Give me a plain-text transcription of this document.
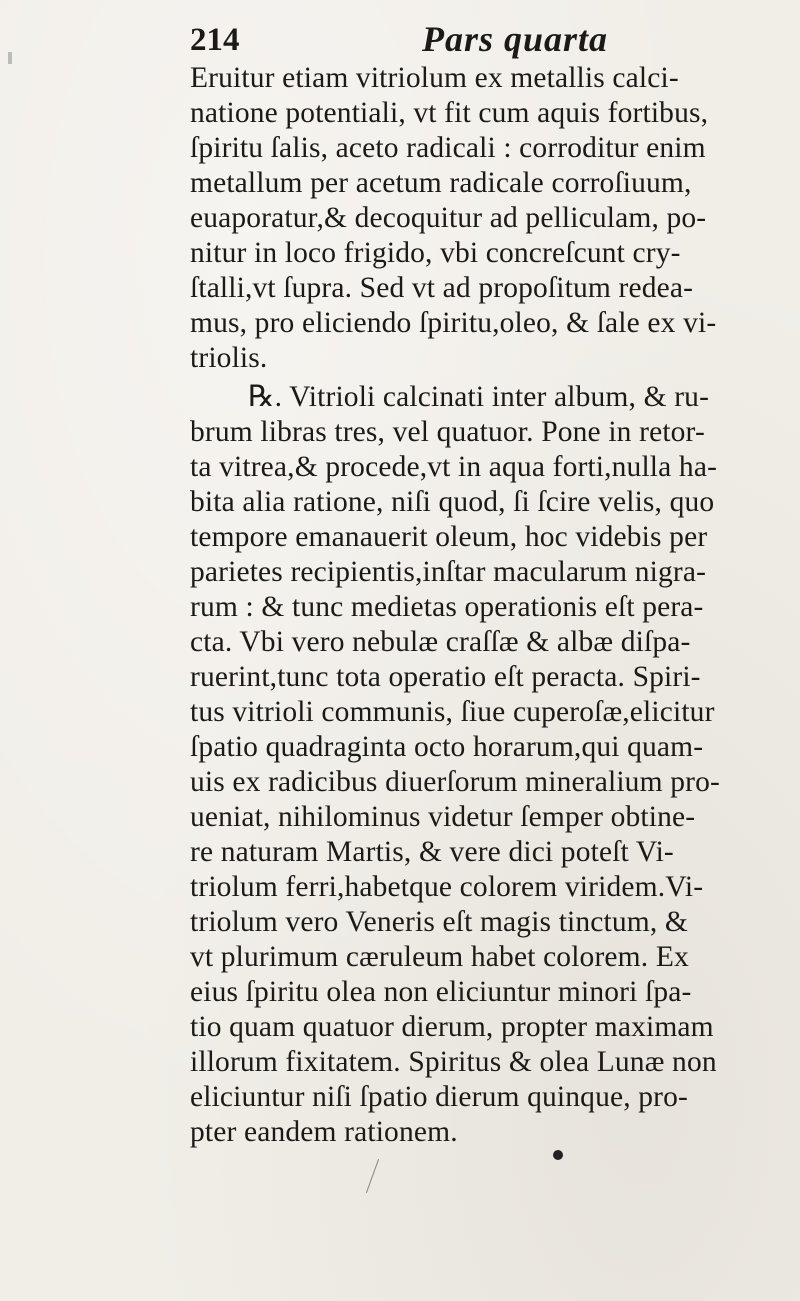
214	Pars quarta
Eruitur etiam vitriolum ex metallis calci-
natione potentiali, vt fit cum aquis fortibus,
ſpiritu ſalis, aceto radicali : corroditur enim
metallum per acetum radicale corroſiuum,
euaporatur,& decoquitur ad pelliculam, po-
nitur in loco frigido, vbi concreſcunt cry-
ſtalli,vt ſupra. Sed vt ad propoſitum redea-
mus, pro eliciendo ſpiritu,oleo, & ſale ex vi-
triolis.
℞. Vitrioli calcinati inter album, & ru-
brum libras tres, vel quatuor. Pone in retor-
ta vitrea,& procede,vt in aqua forti,nulla ha-
bita alia ratione, niſi quod, ſi ſcire velis, quo
tempore emanauerit oleum, hoc videbis per
parietes recipientis,inſtar macularum nigra-
rum : & tunc medietas operationis eſt pera-
cta. Vbi vero nebulæ craſſæ & albæ diſpa-
ruerint,tunc tota operatio eſt peracta. Spiri-
tus vitrioli communis, ſiue cuperoſæ,elicitur
ſpatio quadraginta octo horarum,qui quam-
uis ex radicibus diuerſorum mineralium pro-
ueniat, nihilominus videtur ſemper obtine-
re naturam Martis, & vere dici poteſt Vi-
triolum ferri,habetque colorem viridem.Vi-
triolum vero Veneris eſt magis tinctum, &
vt plurimum cæruleum habet colorem. Ex
eius ſpiritu olea non eliciuntur minori ſpa-
tio quam quatuor dierum, propter maximam
illorum fixitatem. Spiritus & olea Lunæ non
eliciuntur niſi ſpatio dierum quinque, pro-
pter eandem rationem.
